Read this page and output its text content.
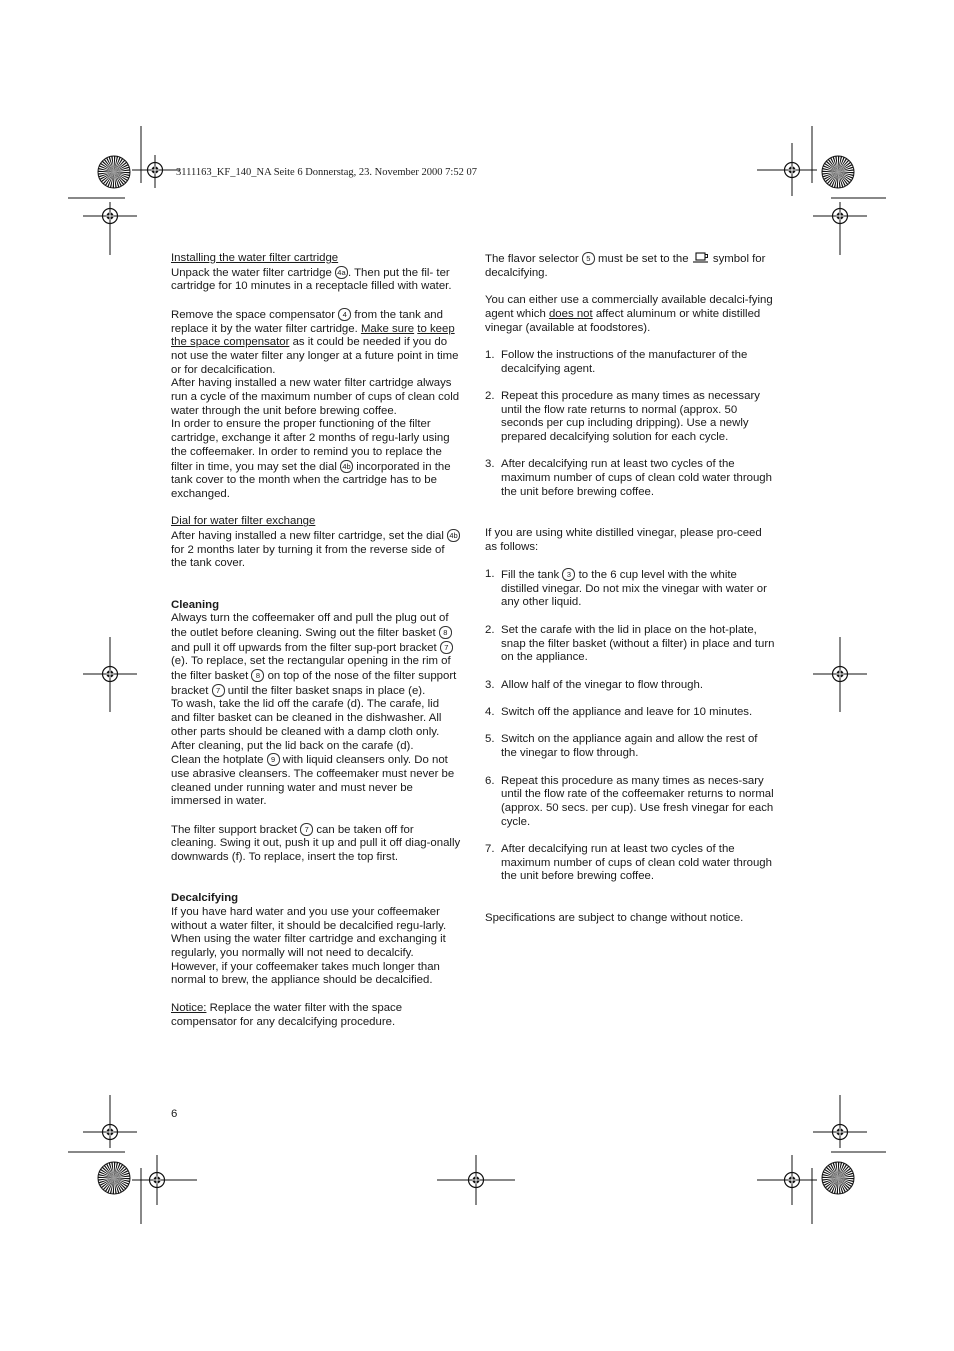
3111163_KF_140_NA Seite 6 Donnerstag, 23. November 2000 7:52 07

Installing the water filter cartridge

Unpack the water filter cartridge 4a . Then put the fil- ter cartridge for 10 minutes in a receptacle filled with water.

Remove the space compensator 4 from the tank and replace it by the water filter cartridge. Make sure to keep the space compensator as it could be needed if you do not use the water filter any longer at a future point in time or for decalcification.

After having installed a new water filter cartridge always run a cycle of the maximum number of cups of clean cold water through the unit before brewing coffee.

In order to ensure the proper functioning of the filter cartridge, exchange it after 2 months of regu-larly using the coffeemaker. In order to remind you to replace the filter in time, you may set the dial 4b incorporated in the tank cover to the month when the cartridge has to be exchanged.

Dial for water filter exchange

After having installed a new filter cartridge, set the dial 4b for 2 months later by turning it from the reverse side of the tank cover.

Cleaning

Always turn the coffeemaker off and pull the plug out of the outlet before cleaning. Swing out the filter basket 8 and pull it off upwards from the filter sup-port bracket 7 (e). To replace, set the rectangular opening in the rim of the filter basket 8 on top of the nose of the filter support bracket 7 until the filter basket snaps in place (e).

To wash, take the lid off the carafe (d). The carafe, lid and filter basket can be cleaned in the dishwasher. All other parts should be cleaned with a damp cloth only. After cleaning, put the lid back on the carafe (d).

Clean the hotplate 9 with liquid cleansers only. Do not use abrasive cleansers. The coffeemaker must never be cleaned under running water and must never be immersed in water.

The filter support bracket 7 can be taken off for cleaning. Swing it out, push it up and pull it off diag-onally downwards (f). To replace, insert the top first.

Decalcifying

If you have hard water and you use your coffeemaker without a water filter, it should be decalcified regu-larly. When using the water filter cartridge and exchanging it regularly, you normally will not need to decalcify. However, if your coffeemaker takes much longer than normal to brew, the appliance should be decalcified.

Notice: Replace the water filter with the space compensator for any decalcifying procedure.

The flavor selector 5 must be set to the  symbol for decalcifying.

You can either use a commercially available decalci-fying agent which does not affect aluminum or white distilled vinegar (available at foodstores).

1. Follow the instructions of the manufacturer of the decalcifying agent.
2. Repeat this procedure as many times as necessary until the flow rate returns to normal (approx. 50 seconds per cup including dripping). Use a newly prepared decalcifying solution for each cycle.
3. After decalcifying run at least two cycles of the maximum number of cups of clean cold water through the unit before brewing coffee.

If you are using white distilled vinegar, please pro-ceed as follows:

1. Fill the tank 3 to the 6 cup level with the white distilled vinegar. Do not mix the vinegar with water or any other liquid.
2. Set the carafe with the lid in place on the hot-plate, snap the filter basket (without a filter) in place and turn on the appliance.
3. Allow half of the vinegar to flow through.
4. Switch off the appliance and leave for 10 minutes.
5. Switch on the appliance again and allow the rest of the vinegar to flow through.
6. Repeat this procedure as many times as neces-sary until the flow rate of the coffeemaker returns to normal (approx. 50 secs. per cup). Use fresh vinegar for each cycle.
7. After decalcifying run at least two cycles of the maximum number of cups of clean cold water through the unit before brewing coffee.

Specifications are subject to change without notice.

6
